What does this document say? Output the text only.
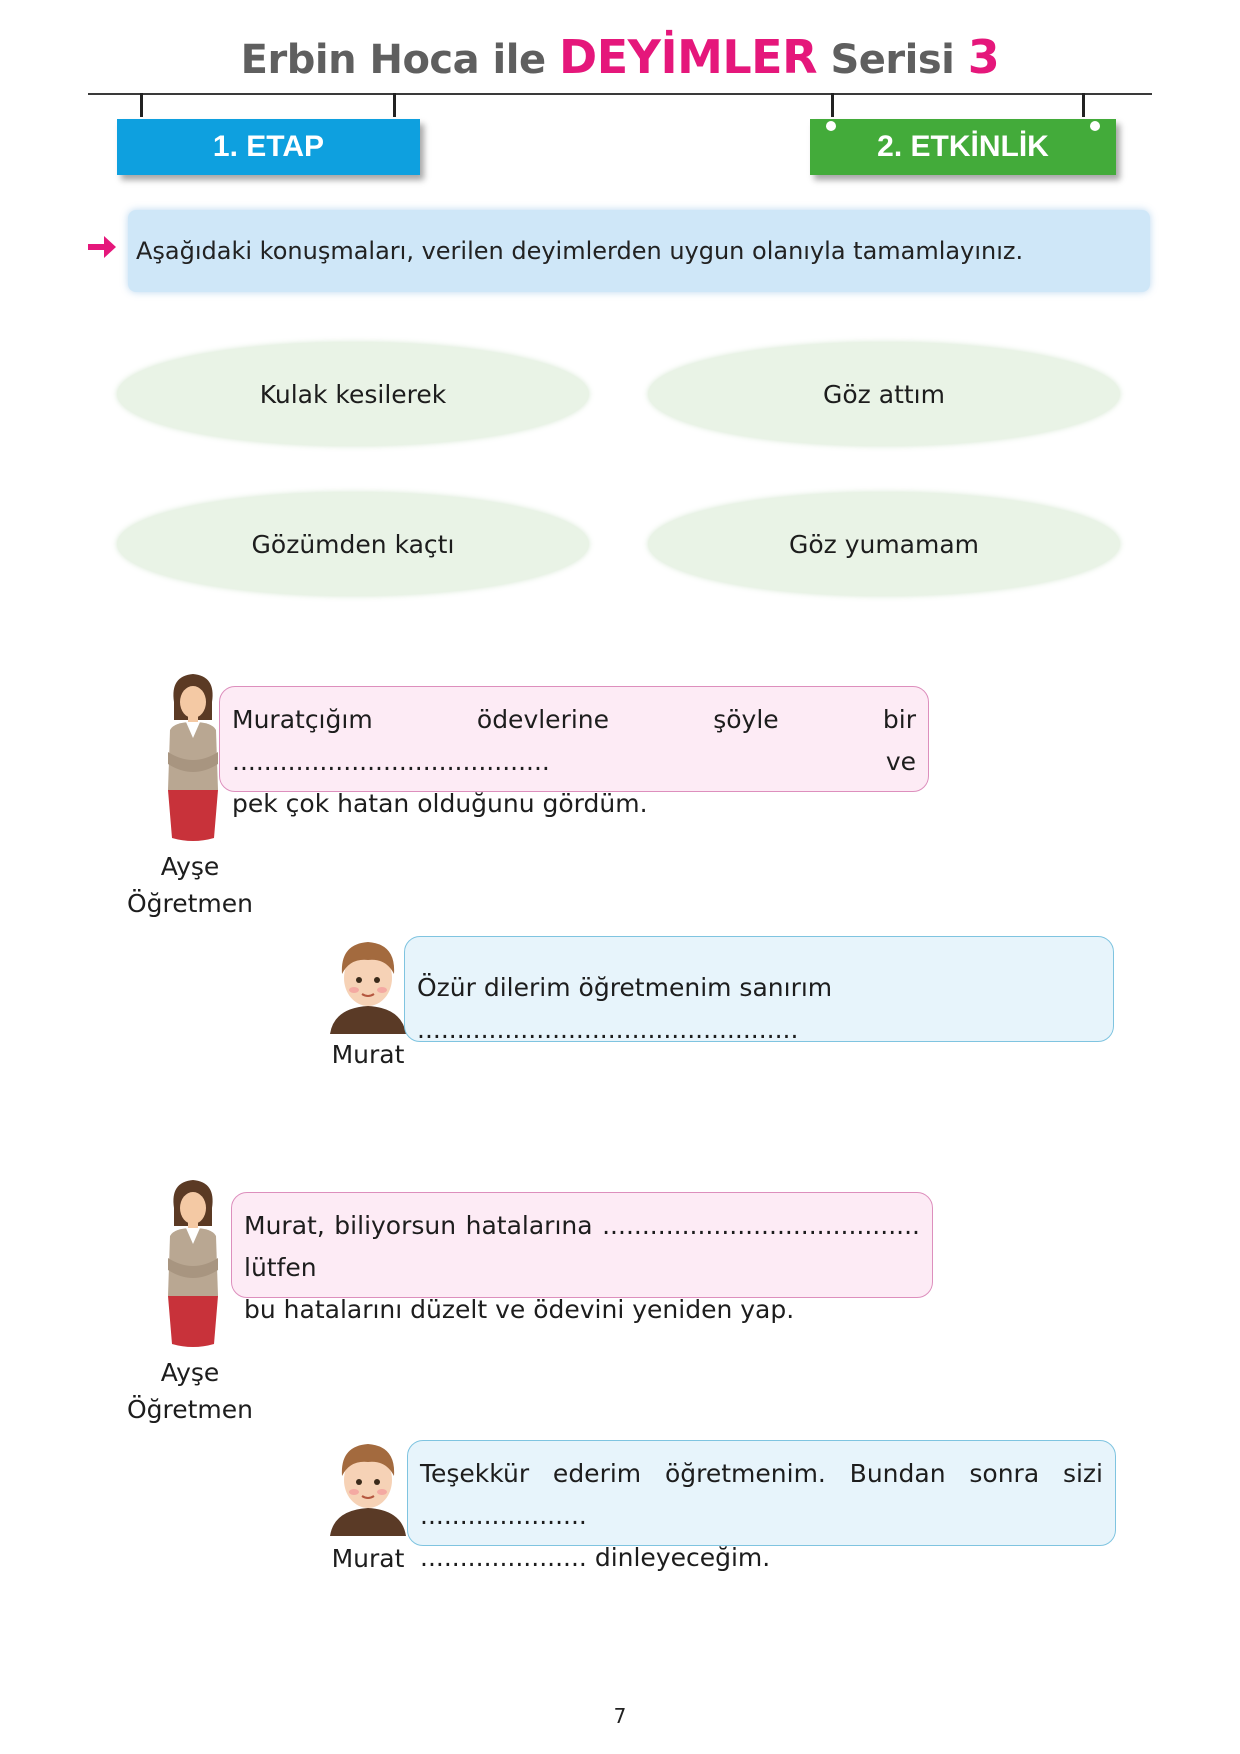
Erbin Hoca ile DEYİMLER Serisi 3
1. ETAP	2. ETKİNLİK
Aşağıdaki konuşmaları, verilen deyimlerden uygun olanıyla tamamlayınız.
Kulak kesilerek	Göz attım
Gözümden kaçtı	Göz yumamam
Muratçığım ödevlerine şöyle bir ........................................ ve
pek çok hatan olduğunu gördüm.
Ayşe
Öğretmen
Özür dilerim öğretmenim sanırım ................................................
Murat
Murat, biliyorsun hatalarına ........................................ lütfen
bu hatalarını düzelt ve ödevini yeniden yap.
Ayşe
Öğretmen
Teşekkür ederim öğretmenim. Bundan sonra sizi .....................
..................... dinleyeceğim.
Murat
7
